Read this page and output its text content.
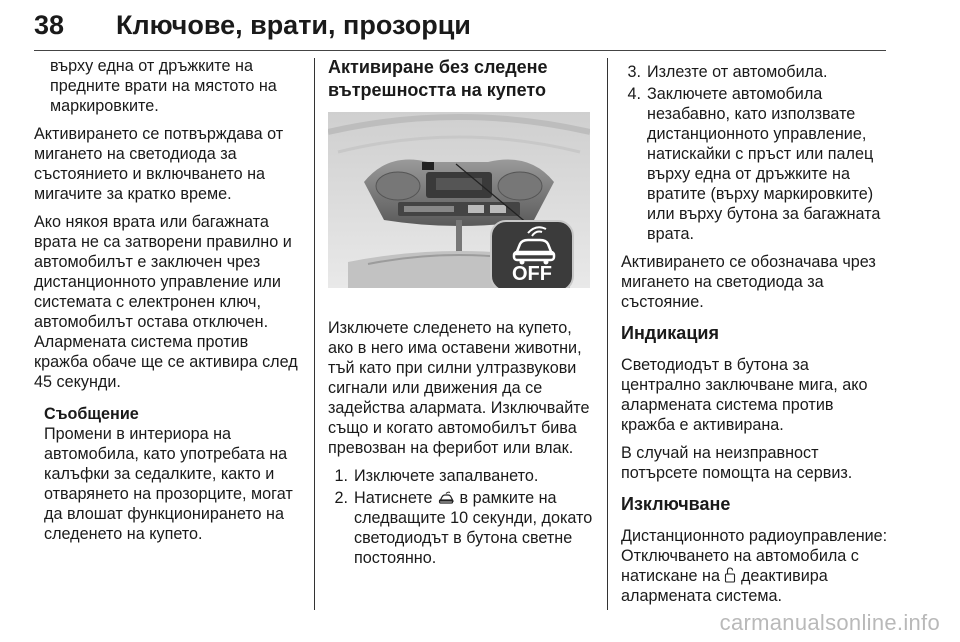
38 Ключове, врати, прозорци

върху една от дръжките на предните врати на мястото на маркировките.

Активирането се потвърждава от мигането на светодиода за състоянието и включването на мигачите за кратко време.

Ако някоя врата или багажната врата не са затворени правилно и автомобилът е заключен чрез дистанционното управление или системата с електронен ключ, автомобилът остава отключен. Алармената система против кражба обаче ще се активира след 45 секунди.

Съобщение
Промени в интериора на автомобила, като употребата на калъфки за седалките, както и отварянето на прозорците, могат да влошат функционирането на следенето на купето.
Активиране без следене вътрешността на купето
OFF

Изключете следенето на купето, ако в него има оставени животни, тъй като при силни ултразвукови сигнали или движения да се задейства алармата. Изключвайте също и когато автомобилът бива превозван на ферибот или влак.

1. Изключете запалването.
2. Натиснете в рамките на следващите 10 секунди, докато светодиодът в бутона светне постоянно.
3. Излезте от автомобила.
4. Заключете автомобила незабавно, като използвате дистанционното управление, натискайки с пръст или палец върху една от дръжките на вратите (върху маркировките) или върху бутона за багажната врата.

Активирането се обозначава чрез мигането на светодиода за състояние.

Индикация

Светодиодът в бутона за централно заключване мига, ако алармената система против кражба е активирана.

В случай на неизправност потърсете помощта на сервиз.

Изключване

Дистанционното радиоуправление: Отключването на автомобила с натискане на деактивира алармената система.

carmanualsonline.info
